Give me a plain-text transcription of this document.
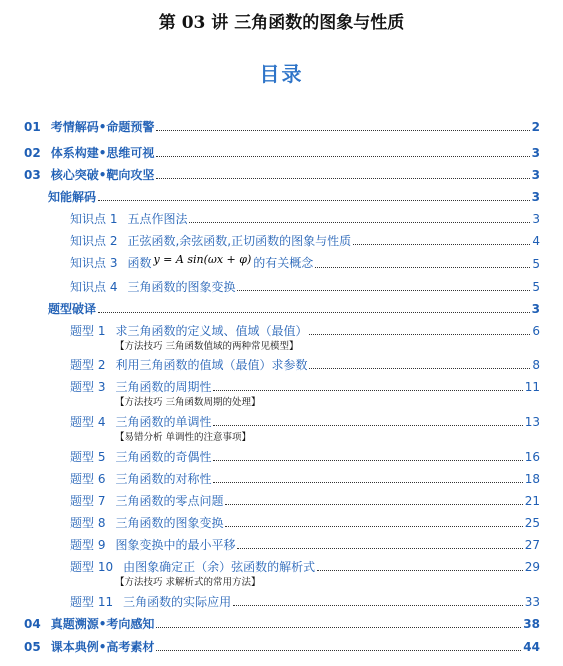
第 03 讲 三角函数的图象与性质
目录
01 考情解码•命题预警	2
02 体系构建•思维可视	3
03 核心突破•靶向攻坚	3
知能解码	3
知识点 1 五点作图法	3
知识点 2 正弦函数,余弦函数,正切函数的图象与性质	4
知识点 3 函数 y = A sin(ωx + φ) 的有关概念	5
知识点 4 三角函数的图象变换	5
题型破译	3
题型 1 求三角函数的定义域、值域（最值）	6
【方法技巧 三角函数值域的两种常见模型】
题型 2 利用三角函数的值域（最值）求参数	8
题型 3 三角函数的周期性	11
【方法技巧 三角函数周期的处理】
题型 4 三角函数的单调性	13
【易错分析 单调性的注意事项】
题型 5 三角函数的奇偶性	16
题型 6 三角函数的对称性	18
题型 7 三角函数的零点问题	21
题型 8 三角函数的图象变换	25
题型 9 图象变换中的最小平移	27
题型 10 由图象确定正（余）弦函数的解析式	29
【方法技巧 求解析式的常用方法】
题型 11 三角函数的实际应用	33
04 真题溯源•考向感知	38
05 课本典例•高考素材	44
